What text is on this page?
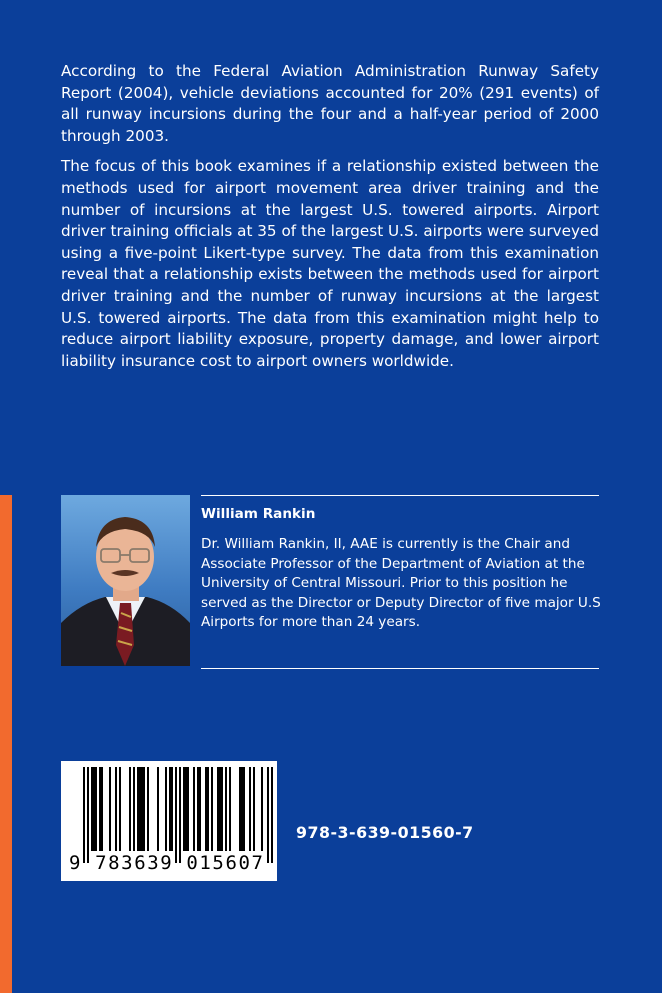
According to the Federal Aviation Administration Runway Safety Report (2004), vehicle deviations accounted for 20% (291 events) of all runway incursions during the four and a half-year period of 2000 through 2003.

The focus of this book examines if a relationship existed between the methods used for airport movement area driver training and the number of incursions at the largest U.S. towered airports. Airport driver training officials at 35 of the largest U.S. airports were surveyed using a five-point Likert-type survey. The data from this examination reveal that a relationship exists between the methods used for airport driver training and the number of runway incursions at the largest U.S. towered airports. The data from this examination might help to reduce airport liability exposure, property damage, and lower airport liability insurance cost to airport owners worldwide.

William Rankin
Dr. William Rankin, II, AAE is currently is the Chair and Associate Professor of the Department of Aviation at the University of Central Missouri. Prior to this position he served as the Director or Deputy Director of five major U.S Airports for more than 24 years.
9 783639 015607
978-3-639-01560-7
